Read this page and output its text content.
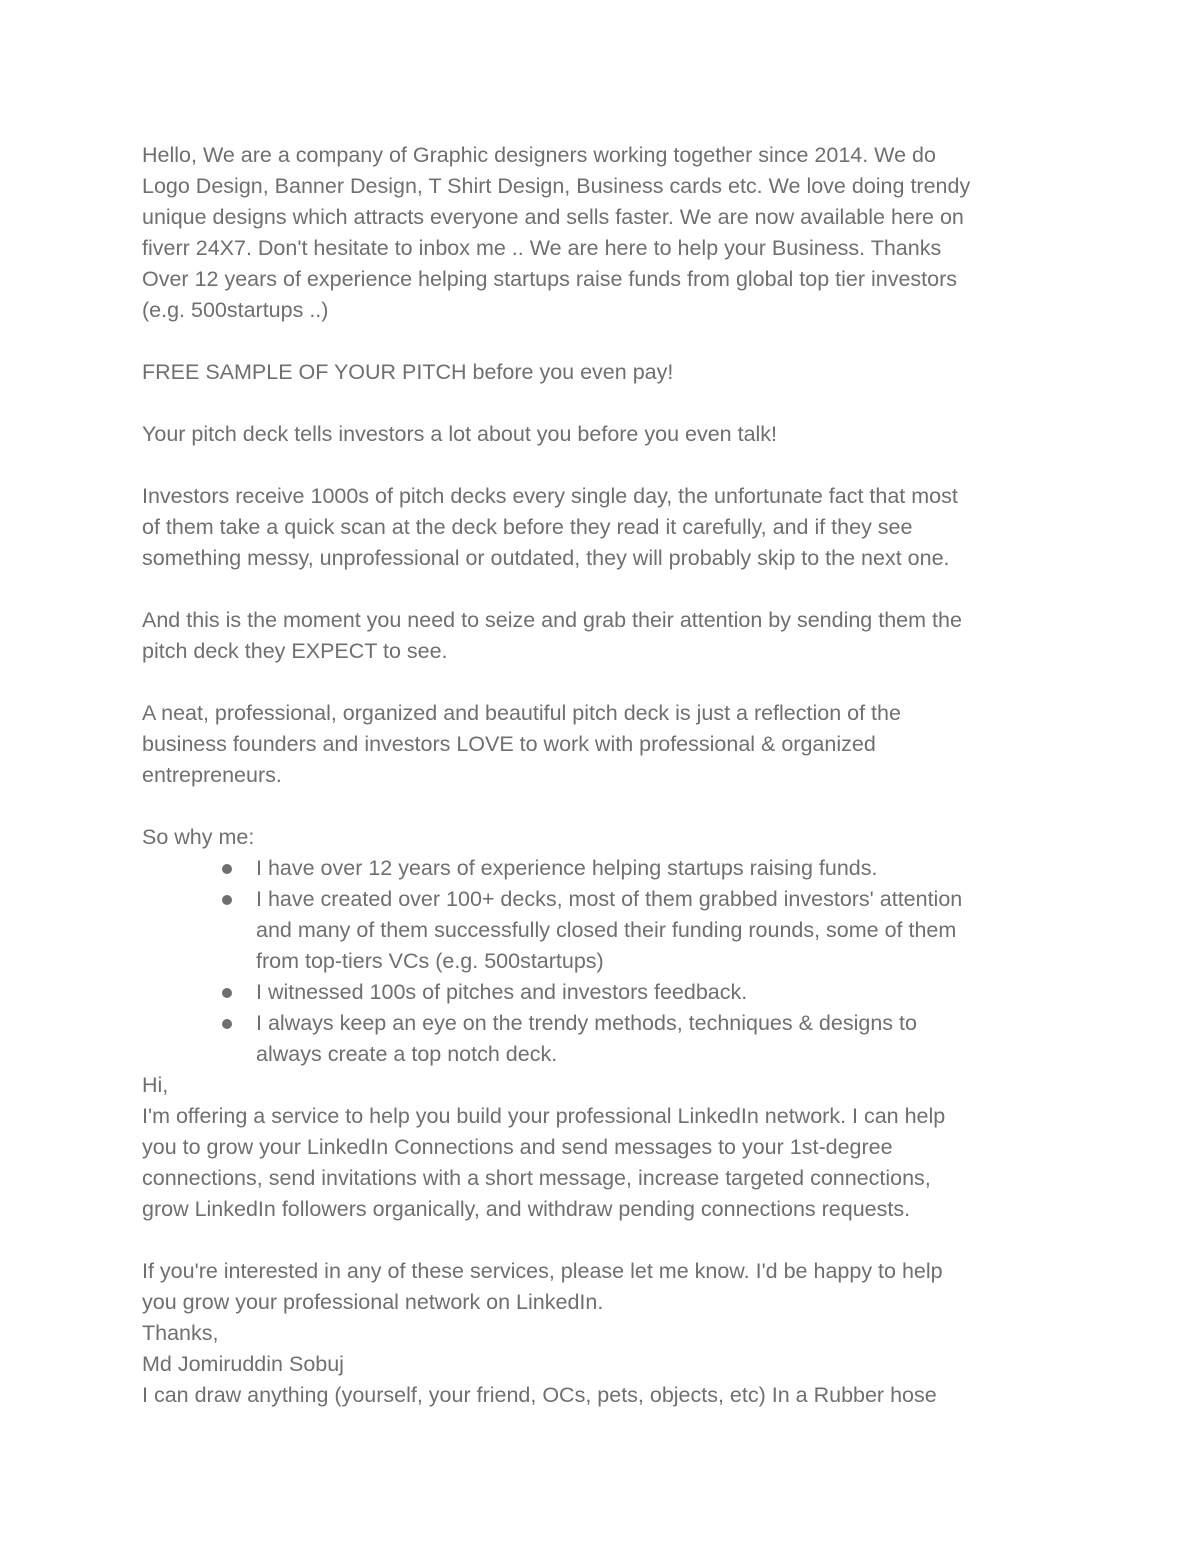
Hello, We are a company of Graphic designers working together since 2014. We do
Logo Design, Banner Design, T Shirt Design, Business cards etc. We love doing trendy
unique designs which attracts everyone and sells faster. We are now available here on
fiverr 24X7. Don't hesitate to inbox me .. We are here to help your Business. Thanks
Over 12 years of experience helping startups raise funds from global top tier investors
(e.g. 500startups ..)

FREE SAMPLE OF YOUR PITCH before you even pay!

Your pitch deck tells investors a lot about you before you even talk!

Investors receive 1000s of pitch decks every single day, the unfortunate fact that most
of them take a quick scan at the deck before they read it carefully, and if they see
something messy, unprofessional or outdated, they will probably skip to the next one.

And this is the moment you need to seize and grab their attention by sending them the
pitch deck they EXPECT to see.

A neat, professional, organized and beautiful pitch deck is just a reflection of the
business founders and investors LOVE to work with professional & organized
entrepreneurs.

So why me:

I have over 12 years of experience helping startups raising funds.
I have created over 100+ decks, most of them grabbed investors' attention
and many of them successfully closed their funding rounds, some of them
from top-tiers VCs (e.g. 500startups)
I witnessed 100s of pitches and investors feedback.
I always keep an eye on the trendy methods, techniques & designs to
always create a top notch deck.

Hi,
I'm offering a service to help you build your professional LinkedIn network. I can help
you to grow your LinkedIn Connections and send messages to your 1st-degree
connections, send invitations with a short message, increase targeted connections,
grow LinkedIn followers organically, and withdraw pending connections requests.

If you're interested in any of these services, please let me know. I'd be happy to help
you grow your professional network on LinkedIn.
Thanks,
Md Jomiruddin Sobuj
I can draw anything (yourself, your friend, OCs, pets, objects, etc) In a Rubber hose
